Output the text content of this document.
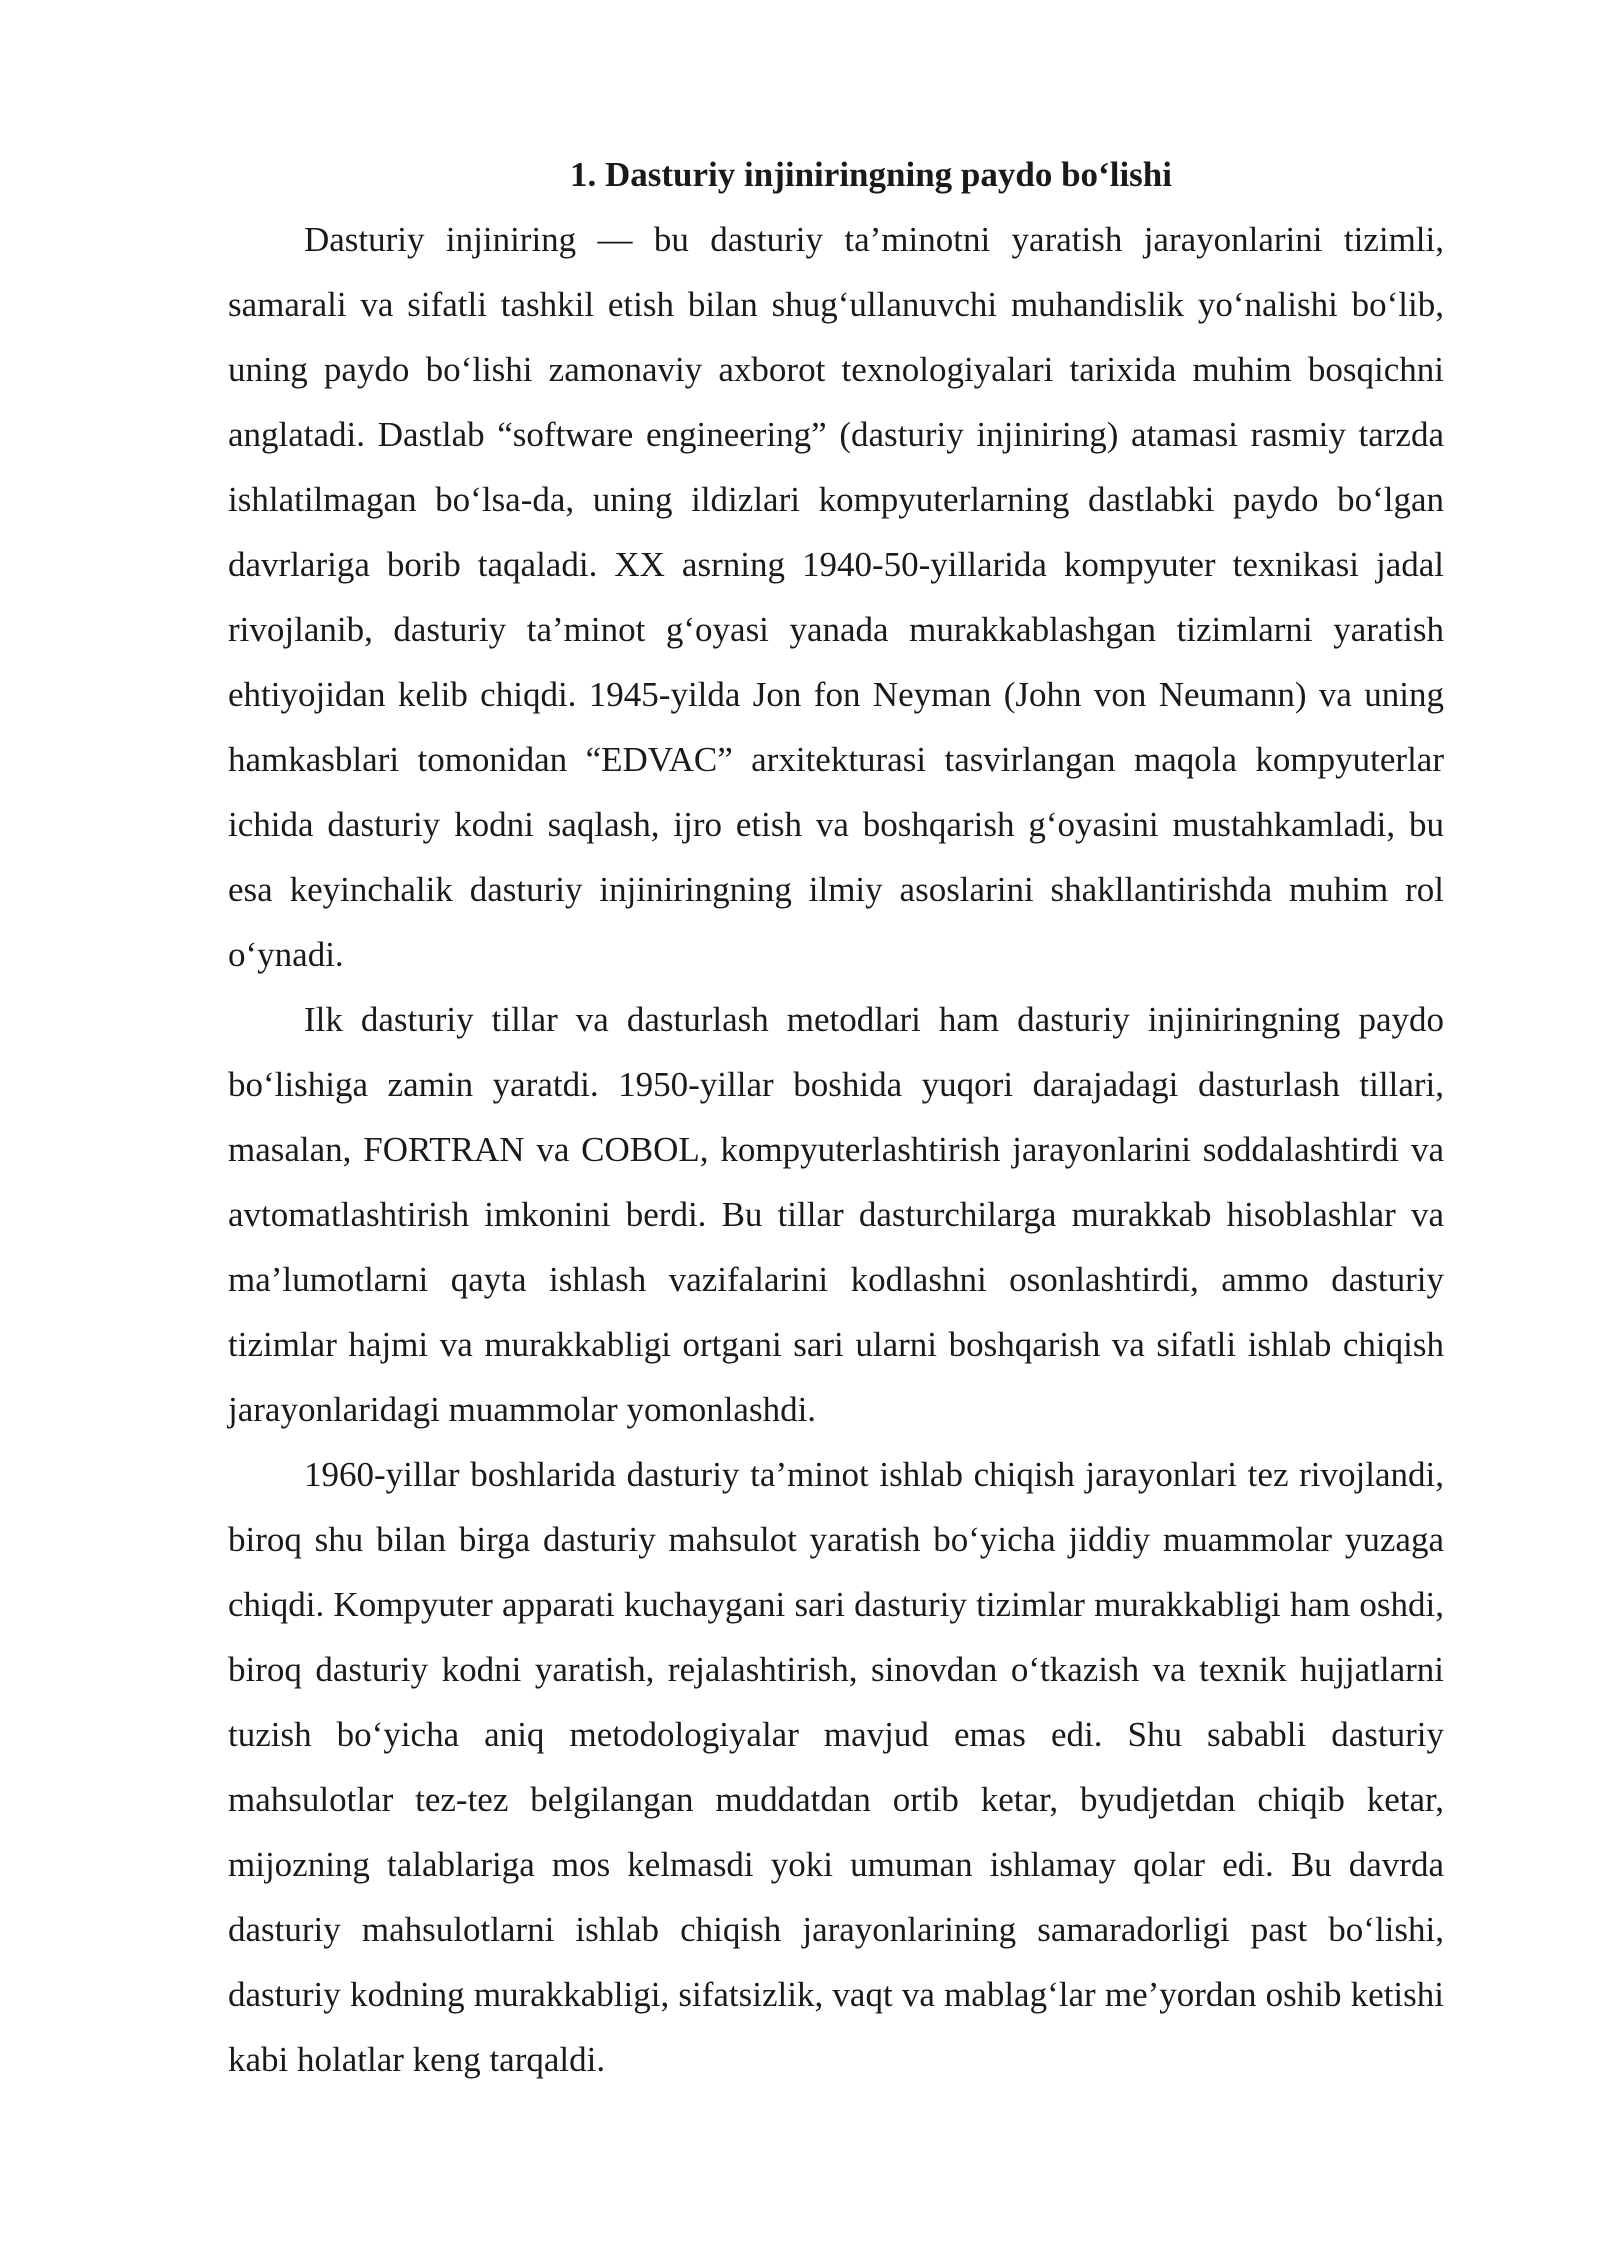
1. Dasturiy injiniringning paydo bo‘lishi

Dasturiy injiniring — bu dasturiy ta’minotni yaratish jarayonlarini tizimli, samarali va sifatli tashkil etish bilan shug‘ullanuvchi muhandislik yo‘nalishi bo‘lib, uning paydo bo‘lishi zamonaviy axborot texnologiyalari tarixida muhim bosqichni anglatadi. Dastlab “software engineering” (dasturiy injiniring) atamasi rasmiy tarzda ishlatilmagan bo‘lsa-da, uning ildizlari kompyuterlarning dastlabki paydo bo‘lgan davrlariga borib taqaladi. XX asrning 1940-50-yillarida kompyuter texnikasi jadal rivojlanib, dasturiy ta’minot g‘oyasi yanada murakkablashgan tizimlarni yaratish ehtiyojidan kelib chiqdi. 1945-yilda Jon fon Neyman (John von Neumann) va uning hamkasblari tomonidan “EDVAC” arxitekturasi tasvirlangan maqola kompyuterlar ichida dasturiy kodni saqlash, ijro etish va boshqarish g‘oyasini mustahkamladi, bu esa keyinchalik dasturiy injiniringning ilmiy asoslarini shakllantirishda muhim rol o‘ynadi.

Ilk dasturiy tillar va dasturlash metodlari ham dasturiy injiniringning paydo bo‘lishiga zamin yaratdi. 1950-yillar boshida yuqori darajadagi dasturlash tillari, masalan, FORTRAN va COBOL, kompyuterlashtirish jarayonlarini soddalashtirdi va avtomatlashtirish imkonini berdi. Bu tillar dasturchilarga murakkab hisoblashlar va ma’lumotlarni qayta ishlash vazifalarini kodlashni osonlashtirdi, ammo dasturiy tizimlar hajmi va murakkabligi ortgani sari ularni boshqarish va sifatli ishlab chiqish jarayonlaridagi muammolar yomonlashdi.

1960-yillar boshlarida dasturiy ta’minot ishlab chiqish jarayonlari tez rivojlandi, biroq shu bilan birga dasturiy mahsulot yaratish bo‘yicha jiddiy muammolar yuzaga chiqdi. Kompyuter apparati kuchaygani sari dasturiy tizimlar murakkabligi ham oshdi, biroq dasturiy kodni yaratish, rejalashtirish, sinovdan o‘tkazish va texnik hujjatlarni tuzish bo‘yicha aniq metodologiyalar mavjud emas edi. Shu sababli dasturiy mahsulotlar tez-tez belgilangan muddatdan ortib ketar, byudjetdan chiqib ketar, mijozning talablariga mos kelmasdi yoki umuman ishlamay qolar edi. Bu davrda dasturiy mahsulotlarni ishlab chiqish jarayonlarining samaradorligi past bo‘lishi, dasturiy kodning murakkabligi, sifatsizlik, vaqt va mablag‘lar me’yordan oshib ketishi kabi holatlar keng tarqaldi.
